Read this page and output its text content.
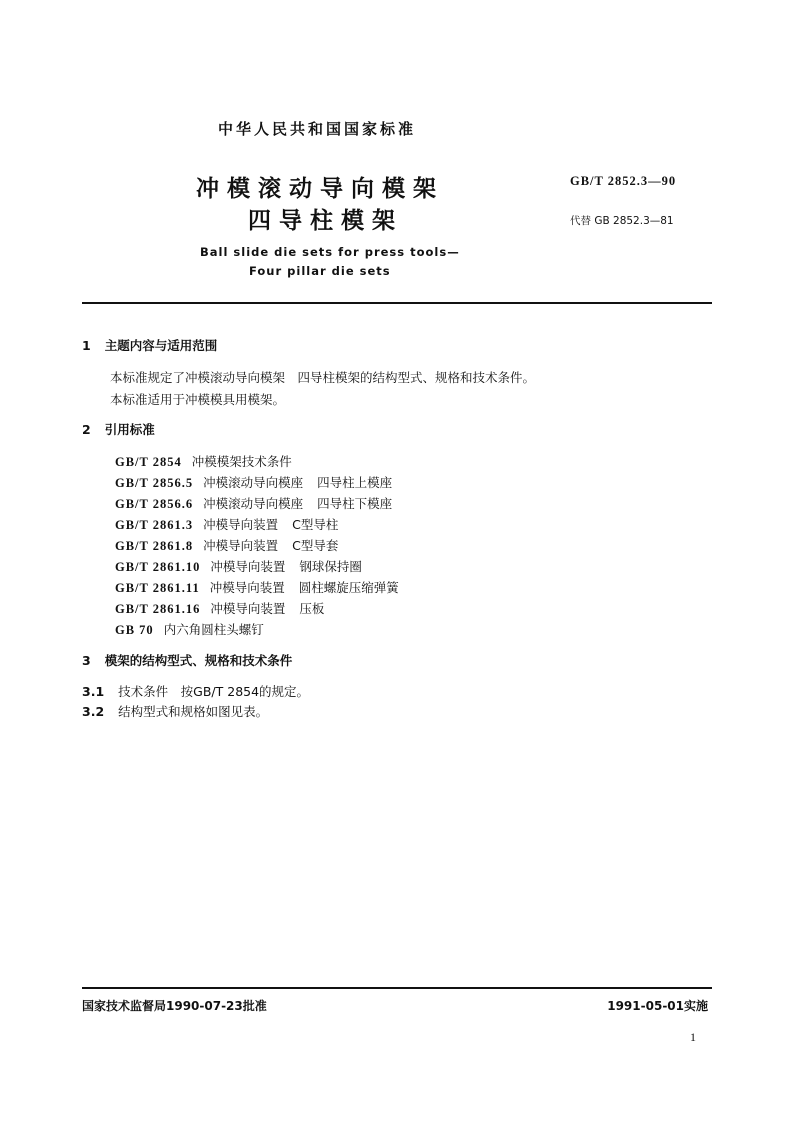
中华人民共和国国家标准
冲模滚动导向模架
四导柱模架
Ball slide die sets for press tools—
Four pillar die sets
GB/T 2852.3—90
代替 GB 2852.3—81
1 主题内容与适用范围
本标准规定了冲模滚动导向模架　四导柱模架的结构型式、规格和技术条件。
本标准适用于冲模模具用模架。
2 引用标准
GB/T 2854 冲模模架技术条件
GB/T 2856.5 冲模滚动导向模座 四导柱上模座
GB/T 2856.6 冲模滚动导向模座 四导柱下模座
GB/T 2861.3 冲模导向装置 C型导柱
GB/T 2861.8 冲模导向装置 C型导套
GB/T 2861.10 冲模导向装置 钢球保持圈
GB/T 2861.11 冲模导向装置 圆柱螺旋压缩弹簧
GB/T 2861.16 冲模导向装置 压板
GB 70 内六角圆柱头螺钉
3 模架的结构型式、规格和技术条件
3.1 技术条件　按GB/T 2854的规定。
3.2 结构型式和规格如图见表。
国家技术监督局1990-07-23批准	1991-05-01实施
1
